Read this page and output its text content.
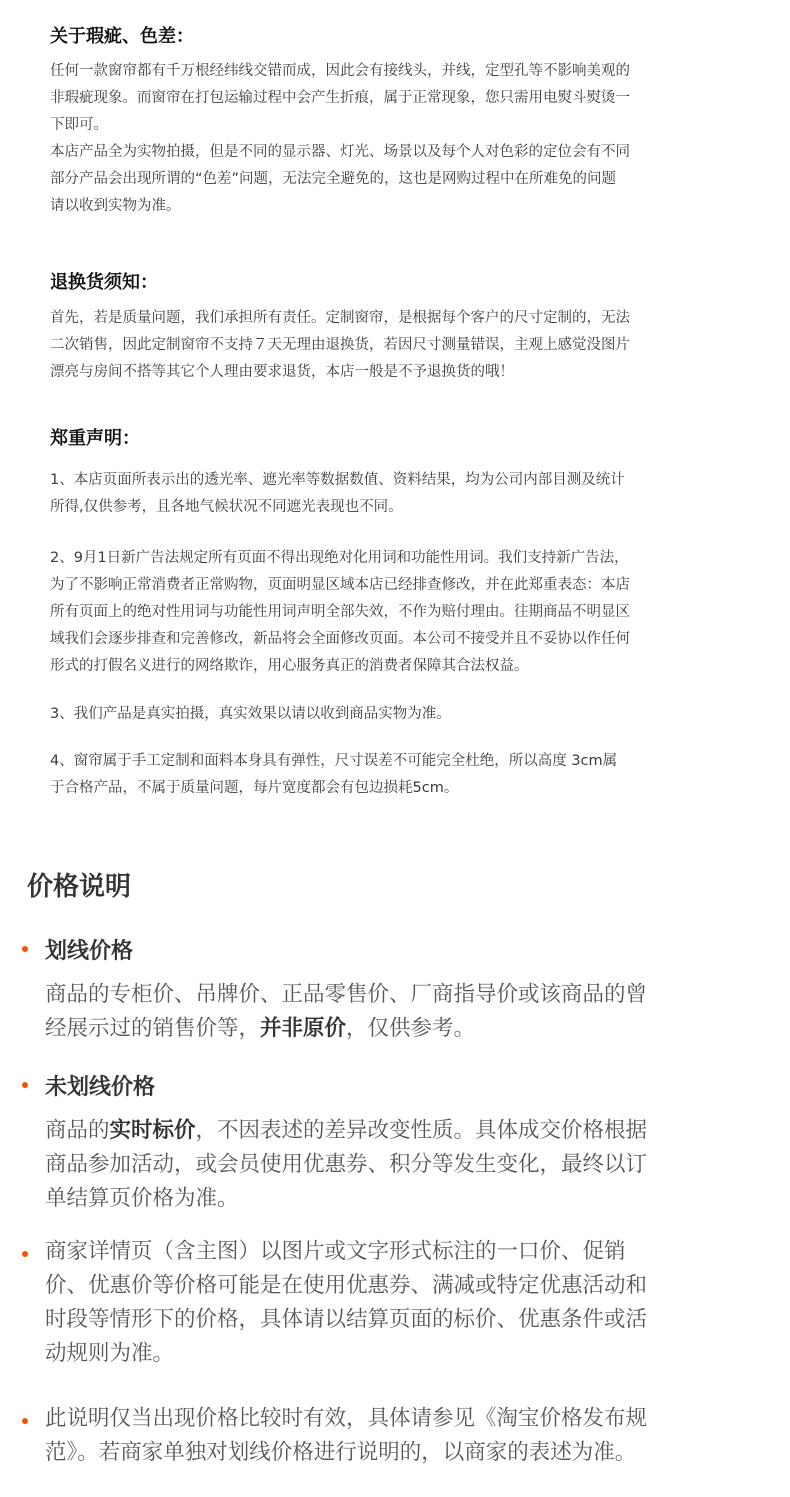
关于瑕疵、色差：
任何一款窗帘都有千万根经纬线交错而成，因此会有接线头，并线，定型孔等不影响美观的
非瑕疵现象。而窗帘在打包运输过程中会产生折痕，属于正常现象，您只需用电熨斗熨烫一
下即可。
本店产品全为实物拍摄，但是不同的显示器、灯光、场景以及每个人对色彩的定位会有不同
部分产品会出现所谓的“色差”问题，无法完全避免的，这也是网购过程中在所难免的问题
请以收到实物为准。
退换货须知：
首先，若是质量问题，我们承担所有责任。定制窗帘，是根据每个客户的尺寸定制的，无法
二次销售，因此定制窗帘不支持７天无理由退换货，若因尺寸测量错误，主观上感觉没图片
漂亮与房间不搭等其它个人理由要求退货，本店一般是不予退换货的哦！
郑重声明：
1、本店页面所表示出的透光率、遮光率等数据数值、资料结果，均为公司内部目测及统计
所得,仅供参考，且各地气候状况不同遮光表现也不同。
2、9月1日新广告法规定所有页面不得出现绝对化用词和功能性用词。我们支持新广告法，
为了不影响正常消费者正常购物，页面明显区域本店已经排查修改，并在此郑重表态：本店
所有页面上的绝对性用词与功能性用词声明全部失效，不作为赔付理由。往期商品不明显区
域我们会逐步排查和完善修改，新品将会全面修改页面。本公司不接受并且不妥协以作任何
形式的打假名义进行的网络欺诈，用心服务真正的消费者保障其合法权益。
3、我们产品是真实拍摄，真实效果以请以收到商品实物为准。
4、窗帘属于手工定制和面料本身具有弹性，尺寸误差不可能完全杜绝，所以高度 3cm属
于合格产品，不属于质量问题，每片宽度都会有包边损耗5cm。
价格说明
划线价格
商品的专柜价、吊牌价、正品零售价、厂商指导价或该商品的曾
经展示过的销售价等，并非原价，仅供参考。
未划线价格
商品的实时标价，不因表述的差异改变性质。具体成交价格根据
商品参加活动，或会员使用优惠券、积分等发生变化，最终以订
单结算页价格为准。
商家详情页（含主图）以图片或文字形式标注的一口价、促销
价、优惠价等价格可能是在使用优惠券、满减或特定优惠活动和
时段等情形下的价格，具体请以结算页面的标价、优惠条件或活
动规则为准。
此说明仅当出现价格比较时有效，具体请参见《淘宝价格发布规
范》。若商家单独对划线价格进行说明的，以商家的表述为准。
